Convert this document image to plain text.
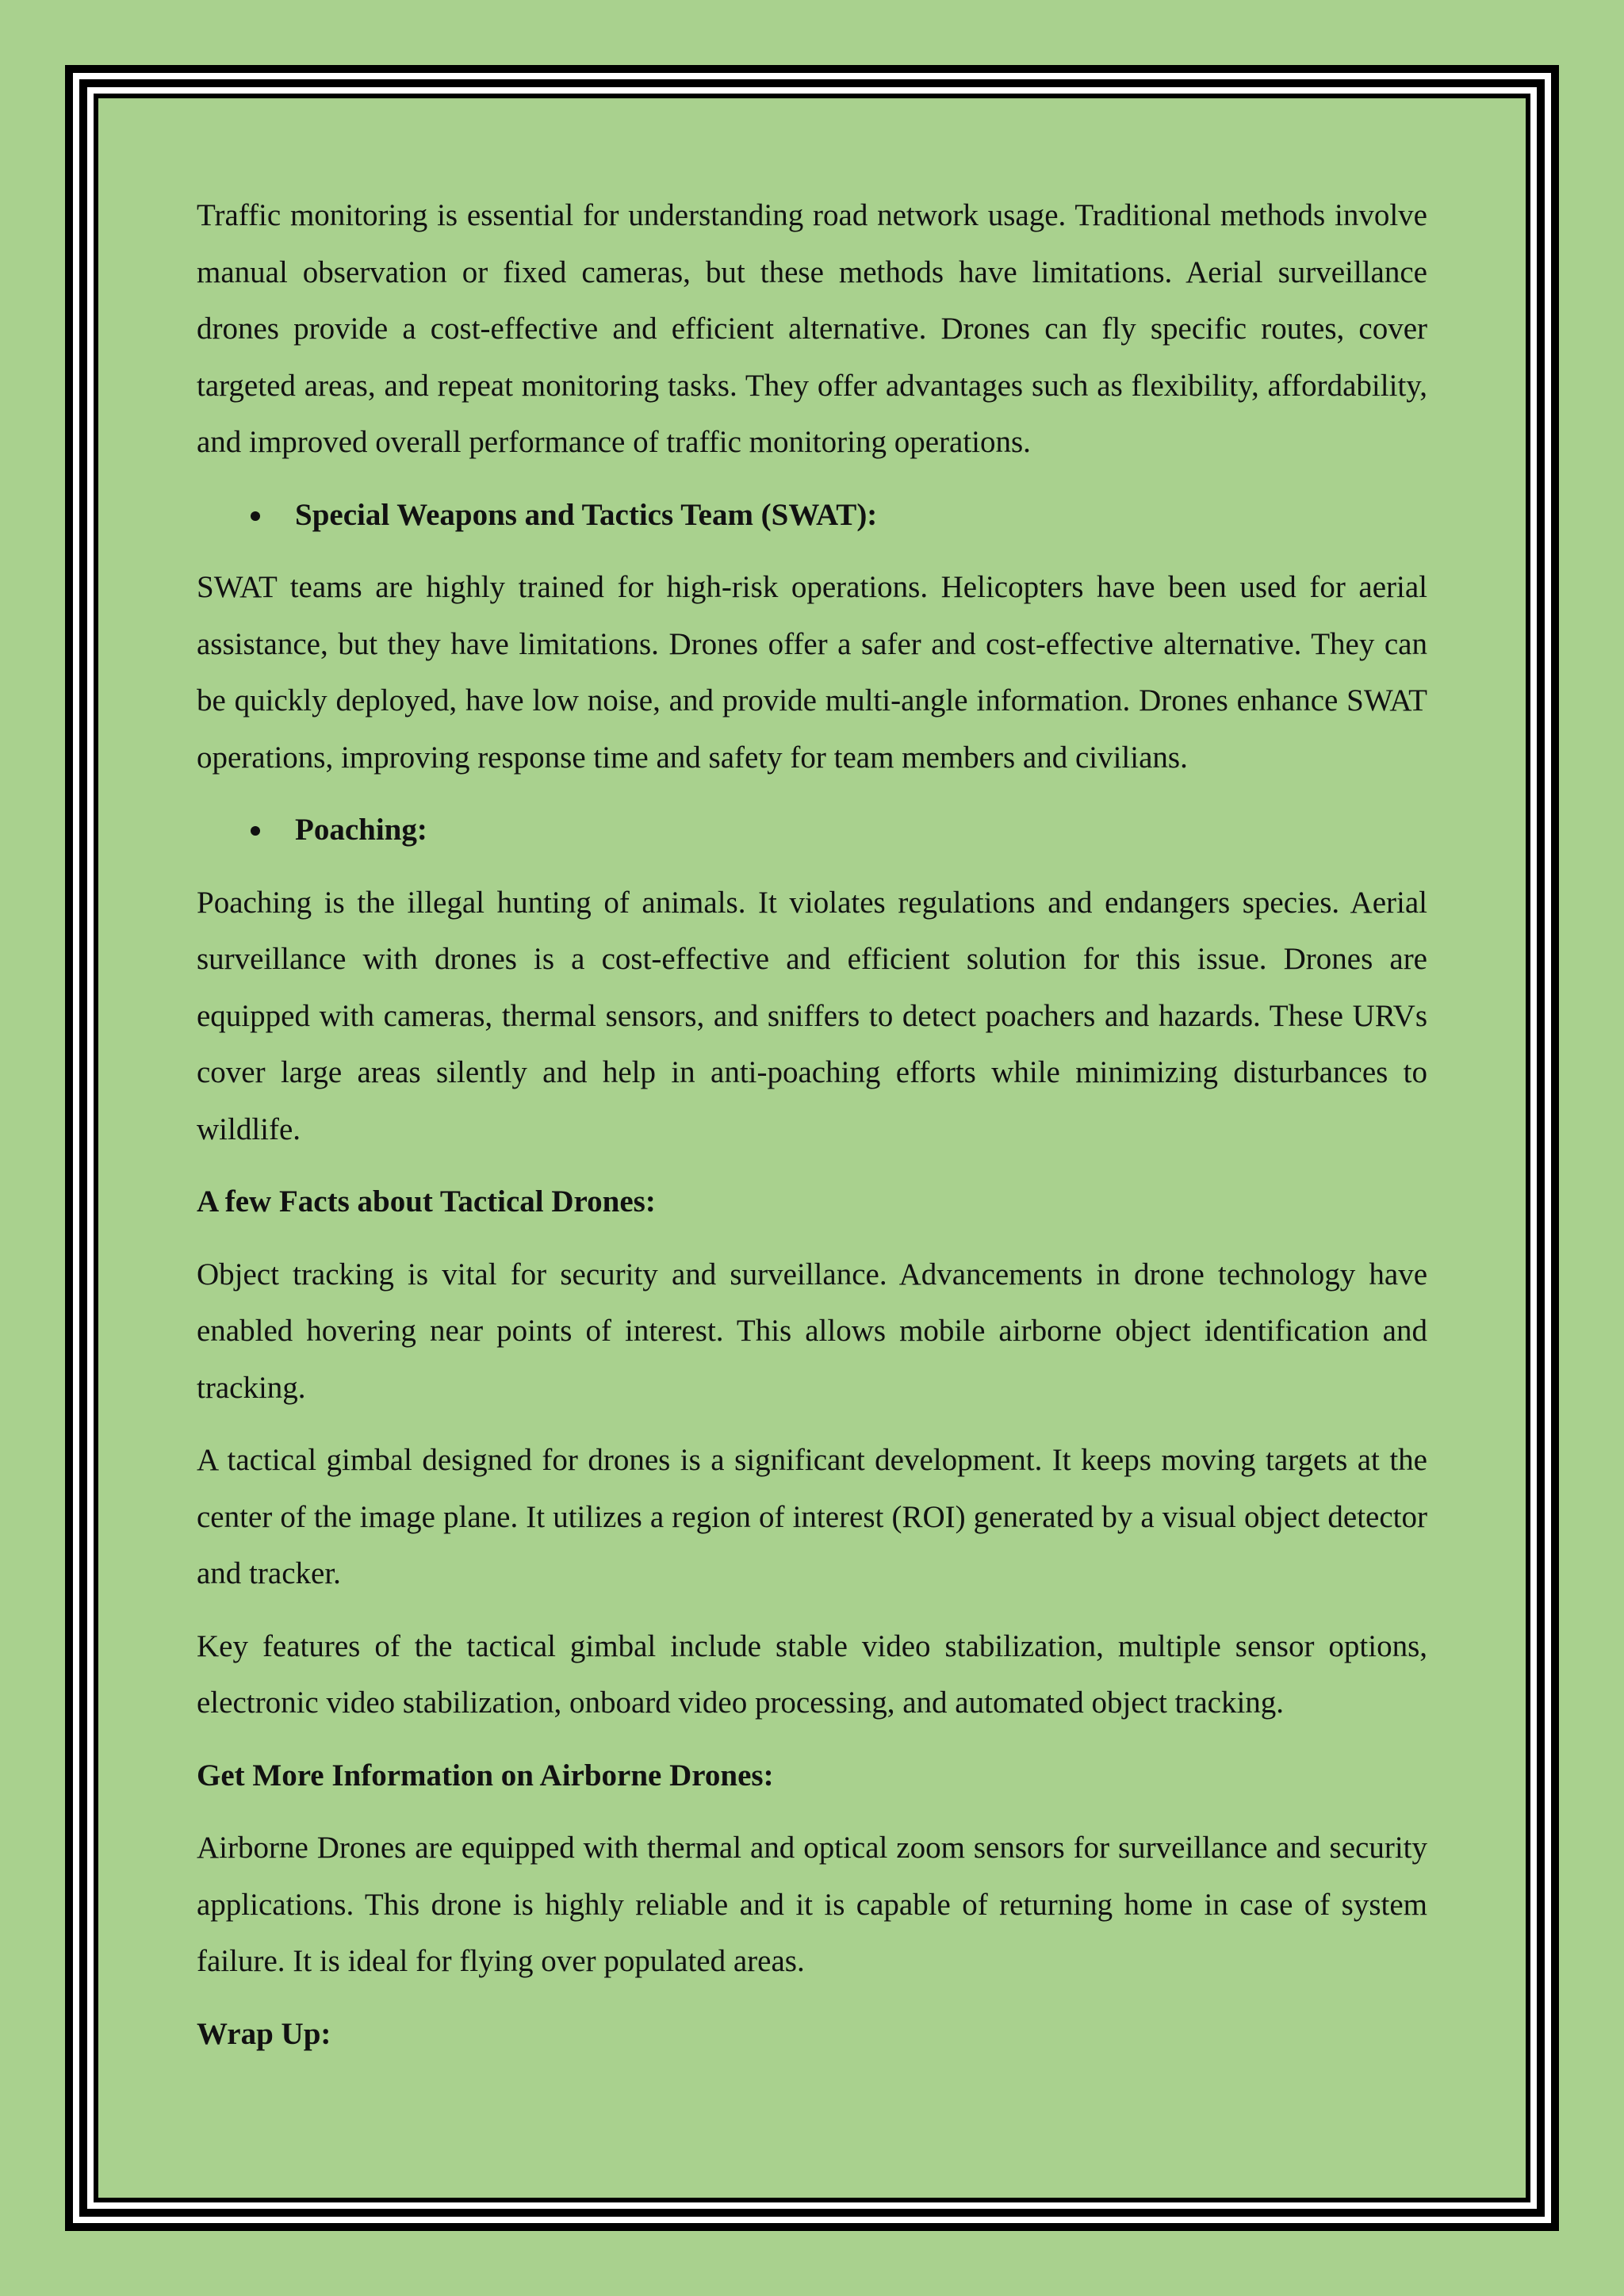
Traffic monitoring is essential for understanding road network usage. Traditional methods involve manual observation or fixed cameras, but these methods have limitations. Aerial surveillance drones provide a cost-effective and efficient alternative. Drones can fly specific routes, cover targeted areas, and repeat monitoring tasks. They offer advantages such as flexibility, affordability, and improved overall performance of traffic monitoring operations.

Special Weapons and Tactics Team (SWAT):

SWAT teams are highly trained for high-risk operations. Helicopters have been used for aerial assistance, but they have limitations. Drones offer a safer and cost-effective alternative. They can be quickly deployed, have low noise, and provide multi-angle information. Drones enhance SWAT operations, improving response time and safety for team members and civilians.

Poaching:

Poaching is the illegal hunting of animals. It violates regulations and endangers species. Aerial surveillance with drones is a cost-effective and efficient solution for this issue. Drones are equipped with cameras, thermal sensors, and sniffers to detect poachers and hazards. These URVs cover large areas silently and help in anti-poaching efforts while minimizing disturbances to wildlife.

A few Facts about Tactical Drones:

Object tracking is vital for security and surveillance. Advancements in drone technology have enabled hovering near points of interest. This allows mobile airborne object identification and tracking.

A tactical gimbal designed for drones is a significant development. It keeps moving targets at the center of the image plane. It utilizes a region of interest (ROI) generated by a visual object detector and tracker.

Key features of the tactical gimbal include stable video stabilization, multiple sensor options, electronic video stabilization, onboard video processing, and automated object tracking.

Get More Information on Airborne Drones:

Airborne Drones are equipped with thermal and optical zoom sensors for surveillance and security applications. This drone is highly reliable and it is capable of returning home in case of system failure. It is ideal for flying over populated areas.

Wrap Up:
